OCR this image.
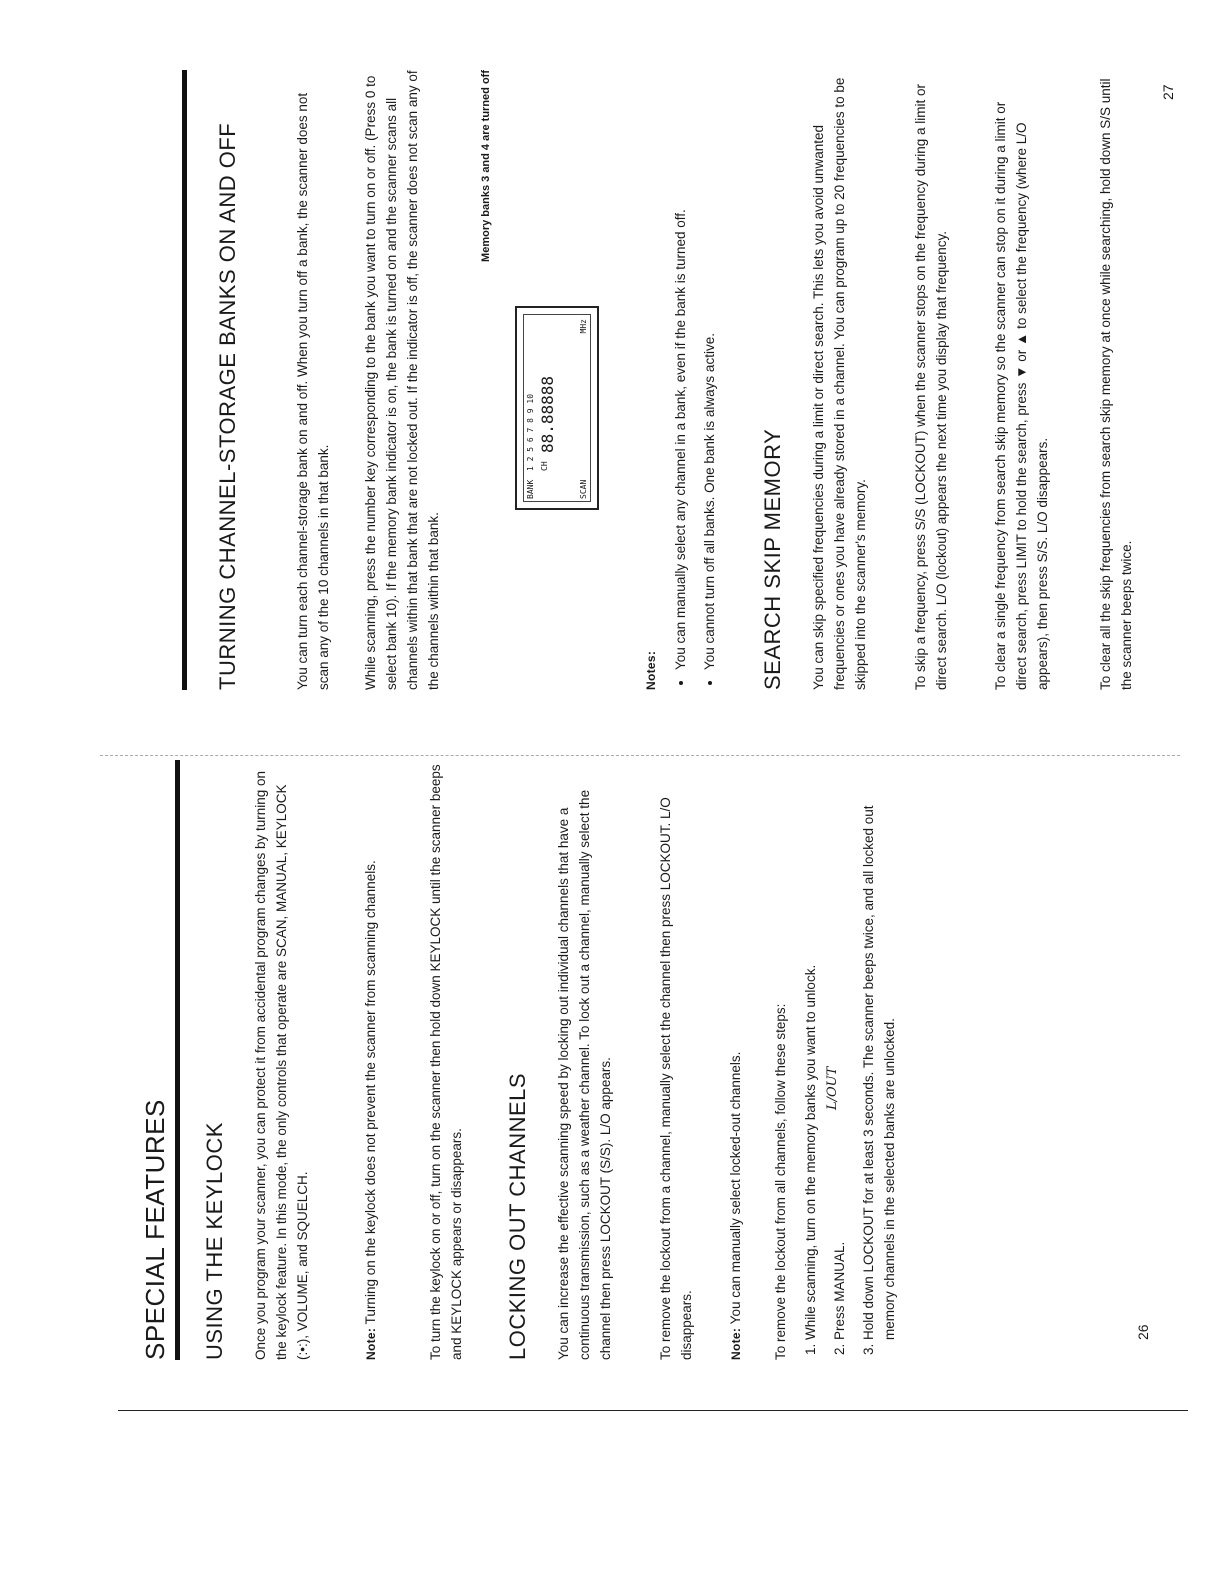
SPECIAL FEATURES USING THE KEYLOCK Once you program your scanner, you can protect it from accidental program changes by turning on the keylock feature. In this mode, the only controls that operate are SCAN, MANUAL, KEYLOCK (:•:), VOLUME, and SQUELCH.	Note: Turning on the keylock does not prevent the scanner from scanning channels.	To turn the keylock on or off, turn on the scanner then hold down KEYLOCK until the scanner beeps and KEYLOCK appears or disappears. LOCKING OUT CHANNELS You can increase the effective scanning speed by locking out individual channels that have a continuous transmission, such as a weather channel. To lock out a channel, manually select the channel then press LOCKOUT (S/S). L/O appears.	To remove the lockout from a channel, manually select the channel then press LOCKOUT. L/O disappears.	Note: You can manually select locked-out channels. To remove the lockout from all channels, follow these steps: 1. While scanning, turn on the memory banks you want to unlock. 2. Press MANUAL. 3. Hold down LOCKOUT for at least 3 seconds. The scanner beeps twice, and all locked out memory channels in the selected banks are unlocked.
L/OUT
26
TURNING CHANNEL-STORAGE BANKS ON AND OFF	You can turn each channel-storage bank on and off. When you turn off a bank, the scanner does not scan any of the 10 channels in that bank. While scanning, press the number key corresponding to the bank you want to turn on or off. (Press 0 to select bank 10). If the memory bank indicator is on, the bank is turned on and the scanner scans all channels within that bank that are not locked out. If the indicator is off, the scanner does not scan any of the channels within that bank.

BANK
1 2 5 6 7 8 9 10 CH
88.88888
SCAN
MHz
Memory banks 3 and 4 are turned off

Notes:

• You can manually select any channel in a bank, even if the bank is turned off. • You cannot turn off all banks. One bank is always active. SEARCH SKIP MEMORY You can skip specified frequencies during a limit or direct search. This lets you avoid unwanted frequencies or ones you have already stored in a channel. You can program up to 20 frequencies to be skipped into the scanner's memory.	To skip a frequency, press S/S (LOCKOUT) when the scanner stops on the frequency during a limit or direct search. L/O (lockout) appears the next time you display that frequency.	To clear a single frequency from search skip memory so the scanner can stop on it during a limit or direct search, press LIMIT to hold the search, press ▼ or ▲ to select the frequency (where L/O appears), then press S/S. L/O disappears.	To clear all the skip frequencies from search skip memory at once while searching, hold down S/S until the scanner beeps twice.

27
